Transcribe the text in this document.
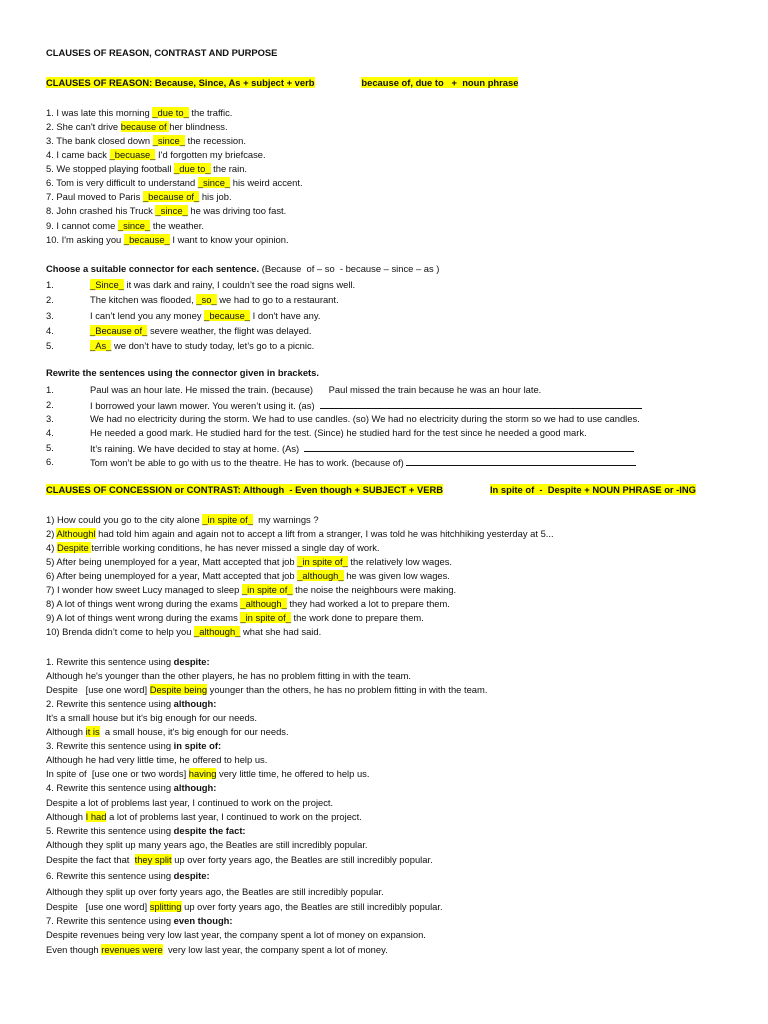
CLAUSES OF REASON, CONTRAST AND PURPOSE
CLAUSES OF REASON: Because, Since, As + subject + verb	because of, due to   +  noun phrase
1. I was late this morning _due to_ the traffic.
2. She can't drive because of her blindness.
3. The bank closed down _since_ the recession.
4. I came back _becuase_ I'd forgotten my briefcase.
5. We stopped playing football _due to_ the rain.
6. Tom is very difficult to understand _since_ his weird accent.
7. Paul moved to Paris _because of_ his job.
8. John crashed his Truck _since_ he was driving too fast.
9. I cannot come _since_ the weather.
10. I'm asking you _because_ I want to know your opinion.
Choose a suitable connector for each sentence. (Because  of – so  - because – since – as )
1.	_Since_ it was dark and rainy, I couldn’t see the road signs well.
2.	The kitchen was flooded, _so_ we had to go to a restaurant.
3.	I can’t lend you any money _because_ I don't have any.
4.	_Because of_ severe weather, the flight was delayed.
5.	_As_ we don’t have to study today, let’s go to a picnic.
Rewrite the sentences using the connector given in brackets.
1.	Paul was an hour late. He missed the train. (because)      Paul missed the train because he was an hour late.
2.	I borrowed your lawn mower. You weren’t using it. (as)
3.	We had no electricity during the storm. We had to use candles. (so) We had no electricity during the storm so we had to use candles.
4.	He needed a good mark. He studied hard for the test. (Since) he studied hard for the test since he needed a good mark.
5.	It’s raining. We have decided to stay at home. (As)
6.	Tom won’t be able to go with us to the theatre. He has to work. (because of)
CLAUSES OF CONCESSION or CONTRAST: Although  - Even though + SUBJECT + VERB	In spite of  -  Despite + NOUN PHRASE or -ING
1) How could you go to the city alone _in spite of_  my warnings ?
2) Althoughl had told him again and again not to accept a lift from a stranger, I was told he was hitchhiking yesterday at 5...
4) Despite terrible working conditions, he has never missed a single day of work.
5) After being unemployed for a year, Matt accepted that job _in spite of_ the relatively low wages.
6) After being unemployed for a year, Matt accepted that job _although_ he was given low wages.
7) I wonder how sweet Lucy managed to sleep _in spite of_ the noise the neighbours were making.
8) A lot of things went wrong during the exams _although_ they had worked a lot to prepare them.
9) A lot of things went wrong during the exams _in spite of_ the work done to prepare them.
10) Brenda didn’t come to help you _although_ what she had said.
1. Rewrite this sentence using despite:
Although he's younger than the other players, he has no problem fitting in with the team.
Despite   [use one word] Despite being younger than the others, he has no problem fitting in with the team.
2. Rewrite this sentence using although:
It's a small house but it's big enough for our needs.
Although it is  a small house, it's big enough for our needs.
3. Rewrite this sentence using in spite of:
Although he had very little time, he offered to help us.
In spite of  [use one or two words] having very little time, he offered to help us.
4. Rewrite this sentence using although:
Despite a lot of problems last year, I continued to work on the project.
Although I had a lot of problems last year, I continued to work on the project.
5. Rewrite this sentence using despite the fact:
Although they split up many years ago, the Beatles are still incredibly popular.
Despite the fact that  they split up over forty years ago, the Beatles are still incredibly popular.
6. Rewrite this sentence using despite:
Although they split up over forty years ago, the Beatles are still incredibly popular.
Despite   [use one word] splitting up over forty years ago, the Beatles are still incredibly popular.
7. Rewrite this sentence using even though:
Despite revenues being very low last year, the company spent a lot of money on expansion.
Even though revenues were  very low last year, the company spent a lot of money.
